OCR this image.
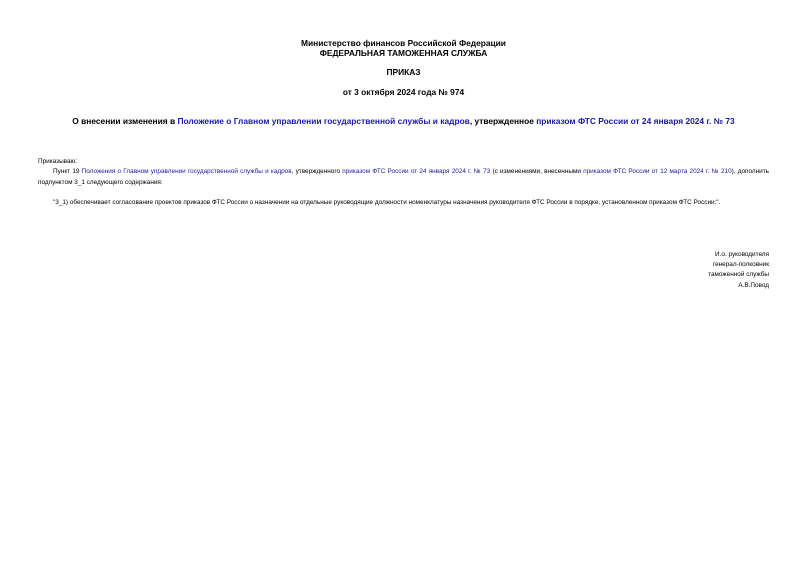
Министерство финансов Российской Федерации
ФЕДЕРАЛЬНАЯ ТАМОЖЕННАЯ СЛУЖБА
ПРИКАЗ
от 3 октября 2024 года № 974
О внесении изменения в Положение о Главном управлении государственной службы и кадров, утвержденное приказом ФТС России от 24 января 2024 г. № 73
Приказываю:
Пункт 19 Положения о Главном управлении государственной службы и кадров, утвержденного приказом ФТС России от 24 января 2024 г. № 73 (с изменениями, внесенными приказом ФТС России от 12 марта 2024 г. № 210), дополнить подпунктом 3_1 следующего содержания:
"3_1) обеспечивает согласование проектов приказов ФТС России о назначении на отдельные руководящие должности номенклатуры назначения руководителя ФТС России в порядке, установленном приказом ФТС России;".
И.о. руководителя
генерал-полковник
таможенной службы
А.В.Повод
